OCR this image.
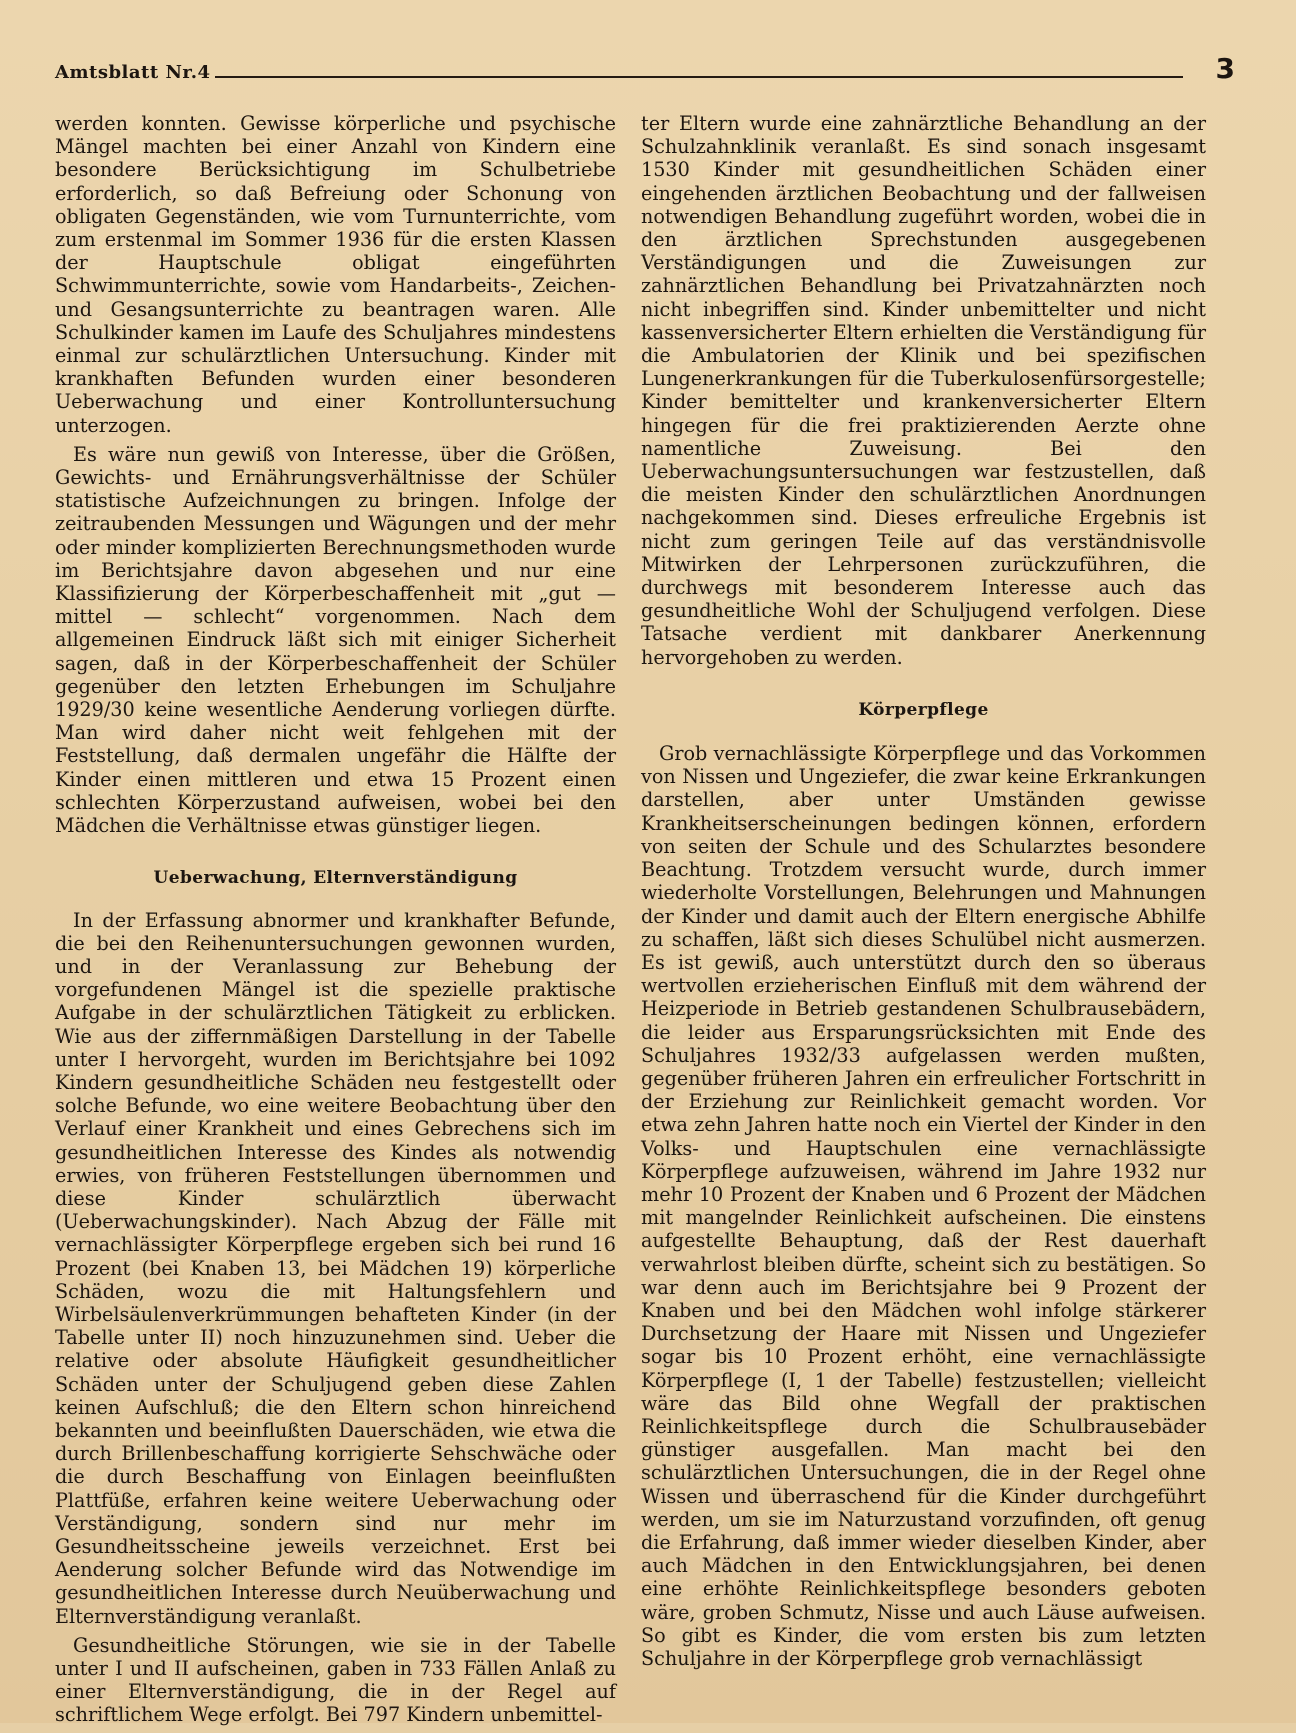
Amtsblatt Nr.4	3

werden konnten. Gewisse körperliche und psychische Mängel machten bei einer Anzahl von Kindern eine besondere Berücksichtigung im Schulbetriebe erforderlich, so daß Befreiung oder Schonung von obligaten Gegenständen, wie vom Turnunterrichte, vom zum erstenmal im Sommer 1936 für die ersten Klassen der Hauptschule obligat eingeführten Schwimmunterrichte, sowie vom Handarbeits-, Zeichen- und Gesangsunterrichte zu beantragen waren. Alle Schulkinder kamen im Laufe des Schuljahres mindestens einmal zur schulärztlichen Untersuchung. Kinder mit krankhaften Befunden wurden einer besonderen Ueberwachung und einer Kontrolluntersuchung unterzogen.

Es wäre nun gewiß von Interesse, über die Größen, Gewichts- und Ernährungsverhältnisse der Schüler statistische Aufzeichnungen zu bringen. Infolge der zeitraubenden Messungen und Wägungen und der mehr oder minder komplizierten Berechnungsmethoden wurde im Berichtsjahre davon abgesehen und nur eine Klassifizierung der Körperbeschaffenheit mit „gut — mittel — schlecht“ vorgenommen. Nach dem allgemeinen Eindruck läßt sich mit einiger Sicherheit sagen, daß in der Körperbeschaffenheit der Schüler gegenüber den letzten Erhebungen im Schuljahre 1929/30 keine wesentliche Aenderung vorliegen dürfte. Man wird daher nicht weit fehlgehen mit der Feststellung, daß dermalen ungefähr die Hälfte der Kinder einen mittleren und etwa 15 Prozent einen schlechten Körperzustand aufweisen, wobei bei den Mädchen die Verhältnisse etwas günstiger liegen.

Ueberwachung, Elternverständigung

In der Erfassung abnormer und krankhafter Befunde, die bei den Reihenuntersuchungen gewonnen wurden, und in der Veranlassung zur Behebung der vorgefundenen Mängel ist die spezielle praktische Aufgabe in der schulärztlichen Tätigkeit zu erblicken. Wie aus der ziffernmäßigen Darstellung in der Tabelle unter I hervorgeht, wurden im Berichtsjahre bei 1092 Kindern gesundheitliche Schäden neu festgestellt oder solche Befunde, wo eine weitere Beobachtung über den Verlauf einer Krankheit und eines Gebrechens sich im gesundheitlichen Interesse des Kindes als notwendig erwies, von früheren Feststellungen übernommen und diese Kinder schulärztlich überwacht (Ueberwachungskinder). Nach Abzug der Fälle mit vernachlässigter Körperpflege ergeben sich bei rund 16 Prozent (bei Knaben 13, bei Mädchen 19) körperliche Schäden, wozu die mit Haltungsfehlern und Wirbelsäulenverkrümmungen behafteten Kinder (in der Tabelle unter II) noch hinzuzunehmen sind. Ueber die relative oder absolute Häufigkeit gesundheitlicher Schäden unter der Schuljugend geben diese Zahlen keinen Aufschluß; die den Eltern schon hinreichend bekannten und beeinflußten Dauerschäden, wie etwa die durch Brillenbeschaffung korrigierte Sehschwäche oder die durch Beschaffung von Einlagen beeinflußten Plattfüße, erfahren keine weitere Ueberwachung oder Verständigung, sondern sind nur mehr im Gesundheitsscheine jeweils verzeichnet. Erst bei Aenderung solcher Befunde wird das Notwendige im gesundheitlichen Interesse durch Neuüberwachung und Elternverständigung veranlaßt.

Gesundheitliche Störungen, wie sie in der Tabelle unter I und II aufscheinen, gaben in 733 Fällen Anlaß zu einer Elternverständigung, die in der Regel auf schriftlichem Wege erfolgt. Bei 797 Kindern unbemittel-

ter Eltern wurde eine zahnärztliche Behandlung an der Schulzahnklinik veranlaßt. Es sind sonach insgesamt 1530 Kinder mit gesundheitlichen Schäden einer eingehenden ärztlichen Beobachtung und der fallweisen notwendigen Behandlung zugeführt worden, wobei die in den ärztlichen Sprechstunden ausgegebenen Verständigungen und die Zuweisungen zur zahnärztlichen Behandlung bei Privatzahnärzten noch nicht inbegriffen sind. Kinder unbemittelter und nicht kassenversicherter Eltern erhielten die Verständigung für die Ambulatorien der Klinik und bei spezifischen Lungenerkrankungen für die Tuberkulosenfürsorgestelle; Kinder bemittelter und krankenversicherter Eltern hingegen für die frei praktizierenden Aerzte ohne namentliche Zuweisung. Bei den Ueberwachungsuntersuchungen war festzustellen, daß die meisten Kinder den schulärztlichen Anordnungen nachgekommen sind. Dieses erfreuliche Ergebnis ist nicht zum geringen Teile auf das verständnisvolle Mitwirken der Lehrpersonen zurückzuführen, die durchwegs mit besonderem Interesse auch das gesundheitliche Wohl der Schuljugend verfolgen. Diese Tatsache verdient mit dankbarer Anerkennung hervorgehoben zu werden.

Körperpflege

Grob vernachlässigte Körperpflege und das Vorkommen von Nissen und Ungeziefer, die zwar keine Erkrankungen darstellen, aber unter Umständen gewisse Krankheitserscheinungen bedingen können, erfordern von seiten der Schule und des Schularztes besondere Beachtung. Trotzdem versucht wurde, durch immer wiederholte Vorstellungen, Belehrungen und Mahnungen der Kinder und damit auch der Eltern energische Abhilfe zu schaffen, läßt sich dieses Schulübel nicht ausmerzen. Es ist gewiß, auch unterstützt durch den so überaus wertvollen erzieherischen Einfluß mit dem während der Heizperiode in Betrieb gestandenen Schulbrausebädern, die leider aus Ersparungsrücksichten mit Ende des Schuljahres 1932/33 aufgelassen werden mußten, gegenüber früheren Jahren ein erfreulicher Fortschritt in der Erziehung zur Reinlichkeit gemacht worden. Vor etwa zehn Jahren hatte noch ein Viertel der Kinder in den Volks- und Hauptschulen eine vernachlässigte Körperpflege aufzuweisen, während im Jahre 1932 nur mehr 10 Prozent der Knaben und 6 Prozent der Mädchen mit mangelnder Reinlichkeit aufscheinen. Die einstens aufgestellte Behauptung, daß der Rest dauerhaft verwahrlost bleiben dürfte, scheint sich zu bestätigen. So war denn auch im Berichtsjahre bei 9 Prozent der Knaben und bei den Mädchen wohl infolge stärkerer Durchsetzung der Haare mit Nissen und Ungeziefer sogar bis 10 Prozent erhöht, eine vernachlässigte Körperpflege (I, 1 der Tabelle) festzustellen; vielleicht wäre das Bild ohne Wegfall der praktischen Reinlichkeitspflege durch die Schulbrausebäder günstiger ausgefallen. Man macht bei den schulärztlichen Untersuchungen, die in der Regel ohne Wissen und überraschend für die Kinder durchgeführt werden, um sie im Naturzustand vorzufinden, oft genug die Erfahrung, daß immer wieder dieselben Kinder, aber auch Mädchen in den Entwicklungsjahren, bei denen eine erhöhte Reinlichkeitspflege besonders geboten wäre, groben Schmutz, Nisse und auch Läuse aufweisen. So gibt es Kinder, die vom ersten bis zum letzten Schuljahre in der Körperpflege grob vernachlässigt
